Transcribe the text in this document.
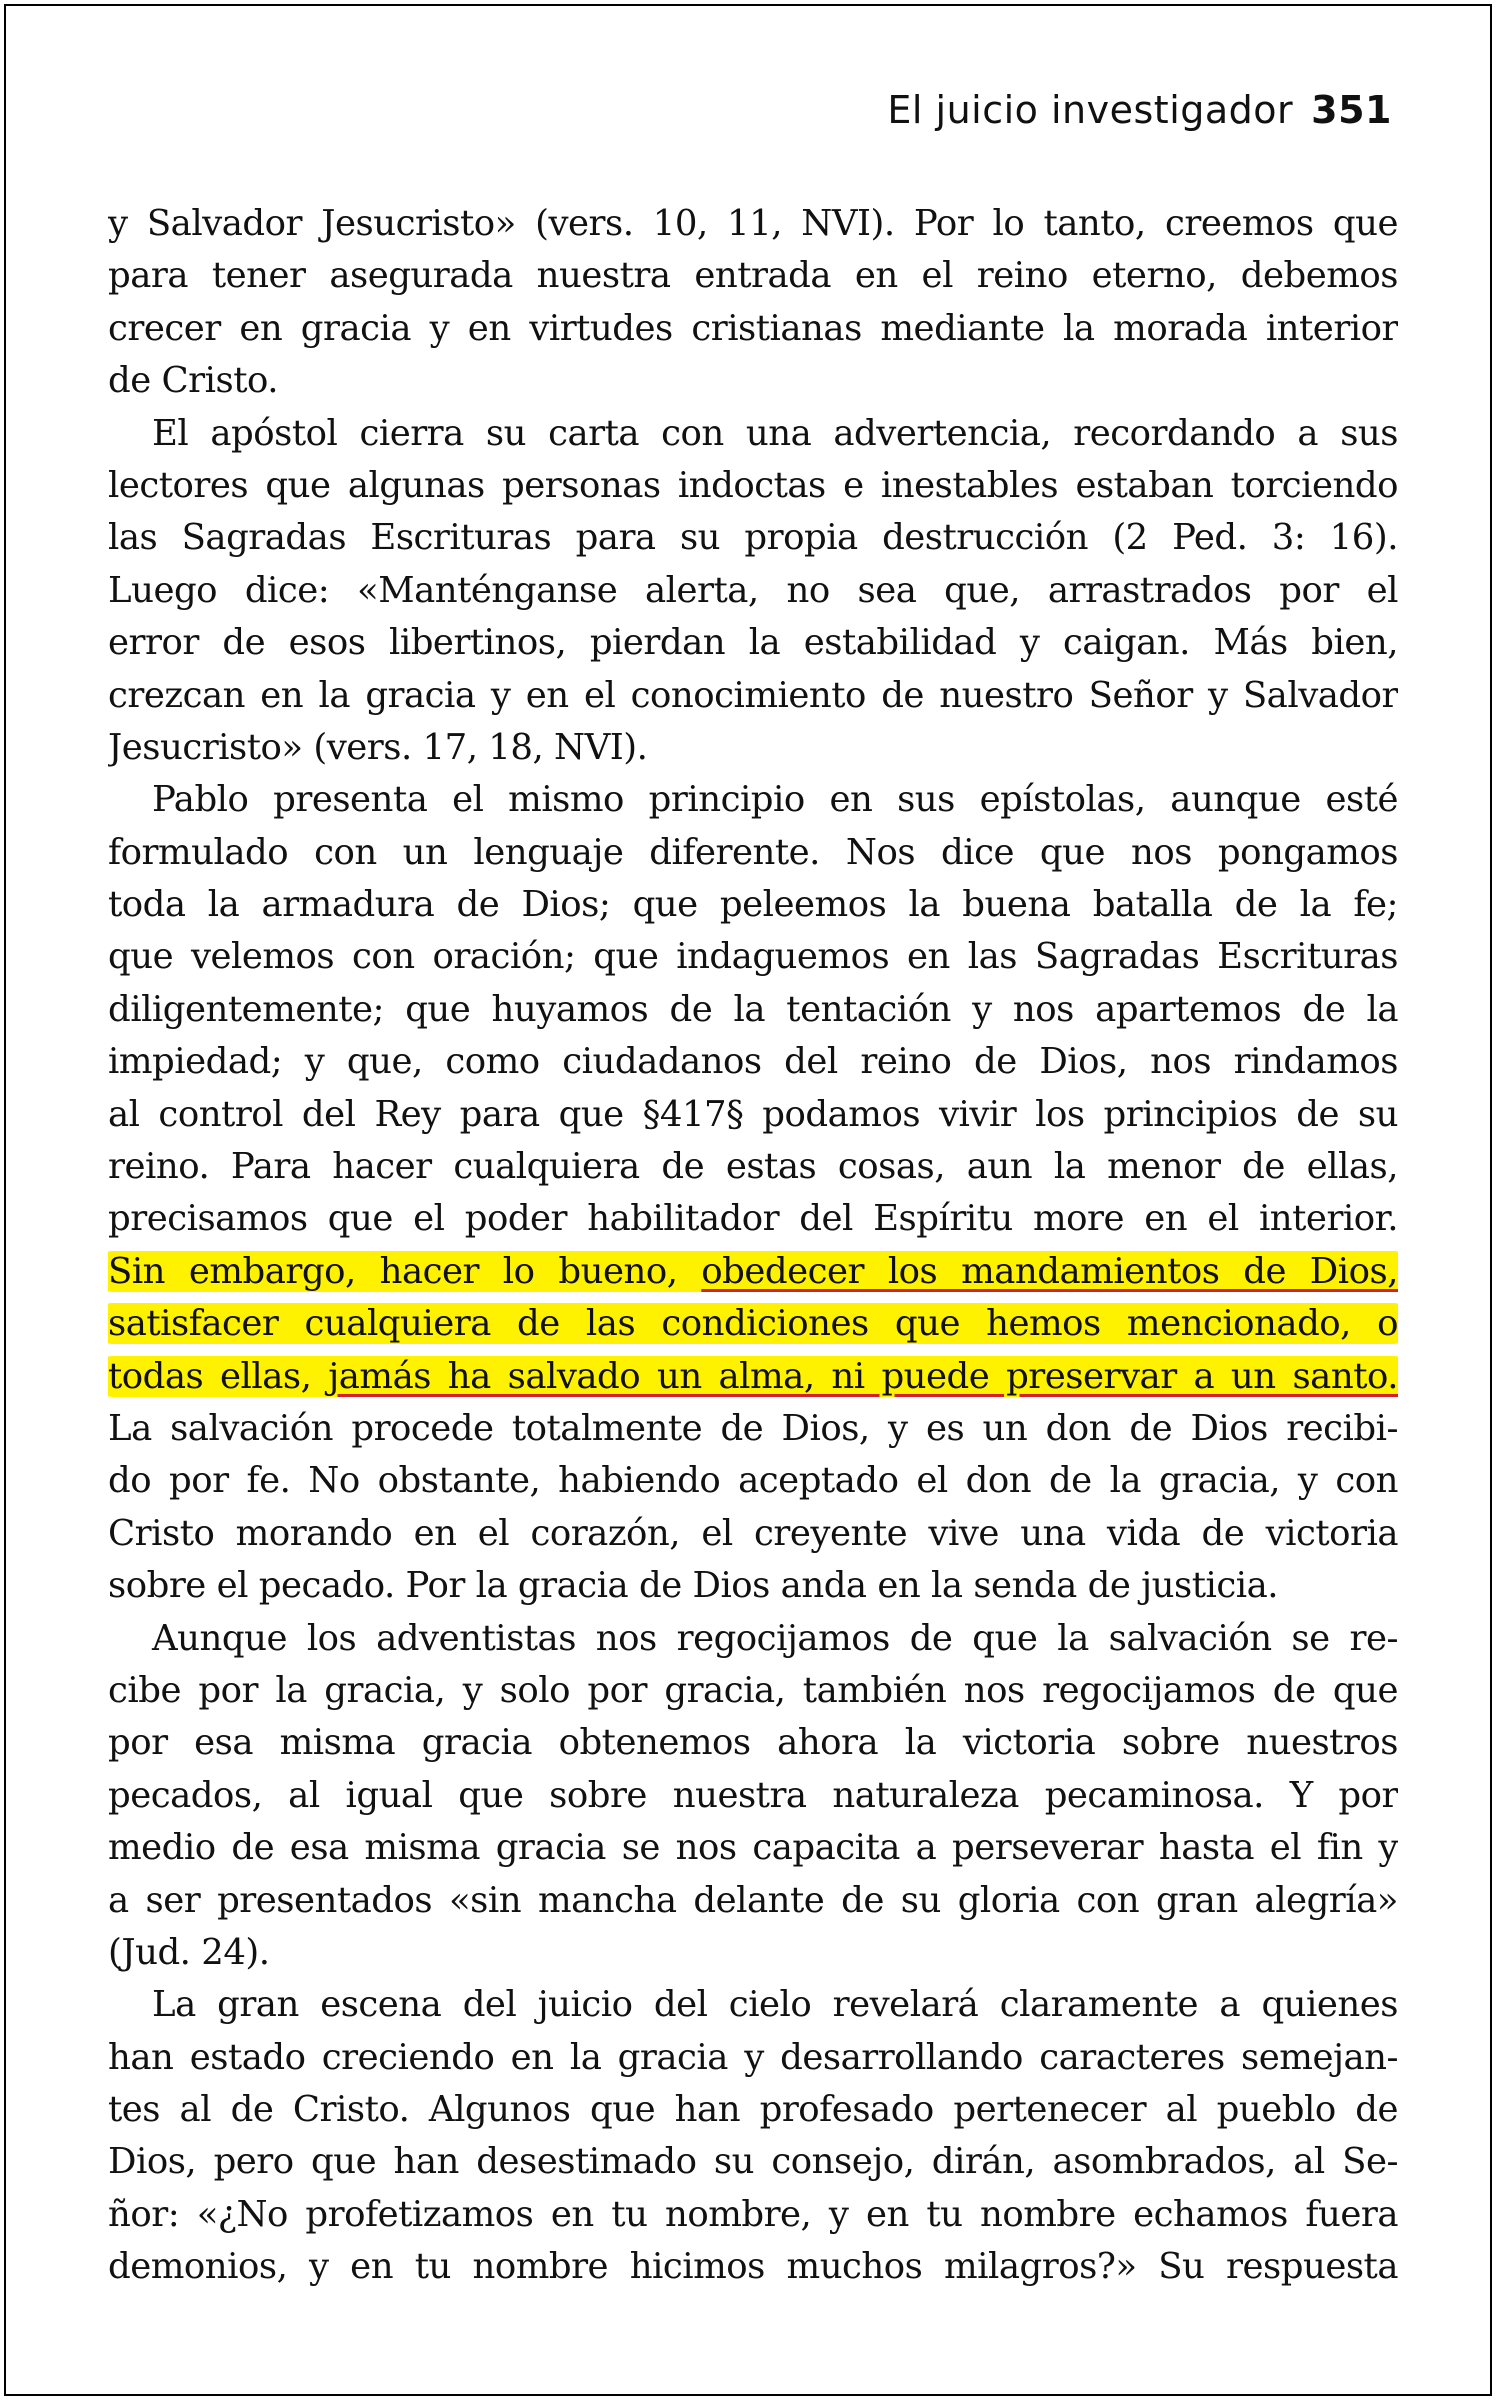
El juicio investigador 351
y Salvador Jesucristo» (vers. 10, 11, NVI). Por lo tanto, creemos que
para tener asegurada nuestra entrada en el reino eterno, debemos
crecer en gracia y en virtudes cristianas mediante la morada interior
de Cristo.
El apóstol cierra su carta con una advertencia, recordando a sus
lectores que algunas personas indoctas e inestables estaban torciendo
las Sagradas Escrituras para su propia destrucción (2 Ped. 3: 16).
Luego dice: «Manténganse alerta, no sea que, arrastrados por el
error de esos libertinos, pierdan la estabilidad y caigan. Más bien,
crezcan en la gracia y en el conocimiento de nuestro Señor y Salvador
Jesucristo» (vers. 17, 18, NVI).
Pablo presenta el mismo principio en sus epístolas, aunque esté
formulado con un lenguaje diferente. Nos dice que nos pongamos
toda la armadura de Dios; que peleemos la buena batalla de la fe;
que velemos con oración; que indaguemos en las Sagradas Escrituras
diligentemente; que huyamos de la tentación y nos apartemos de la
impiedad; y que, como ciudadanos del reino de Dios, nos rindamos
al control del Rey para que §417§ podamos vivir los principios de su
reino. Para hacer cualquiera de estas cosas, aun la menor de ellas,
precisamos que el poder habilitador del Espíritu more en el interior.
Sin embargo, hacer lo bueno, obedecer los mandamientos de Dios,
satisfacer cualquiera de las condiciones que hemos mencionado, o
todas ellas, jamás ha salvado un alma, ni puede preservar a un santo.
La salvación procede totalmente de Dios, y es un don de Dios recibi-
do por fe. No obstante, habiendo aceptado el don de la gracia, y con
Cristo morando en el corazón, el creyente vive una vida de victoria
sobre el pecado. Por la gracia de Dios anda en la senda de justicia.
Aunque los adventistas nos regocijamos de que la salvación se re-
cibe por la gracia, y solo por gracia, también nos regocijamos de que
por esa misma gracia obtenemos ahora la victoria sobre nuestros
pecados, al igual que sobre nuestra naturaleza pecaminosa. Y por
medio de esa misma gracia se nos capacita a perseverar hasta el fin y
a ser presentados «sin mancha delante de su gloria con gran alegría»
(Jud. 24).
La gran escena del juicio del cielo revelará claramente a quienes
han estado creciendo en la gracia y desarrollando caracteres semejan-
tes al de Cristo. Algunos que han profesado pertenecer al pueblo de
Dios, pero que han desestimado su consejo, dirán, asombrados, al Se-
ñor: «¿No profetizamos en tu nombre, y en tu nombre echamos fuera
demonios, y en tu nombre hicimos muchos milagros?» Su respuesta
